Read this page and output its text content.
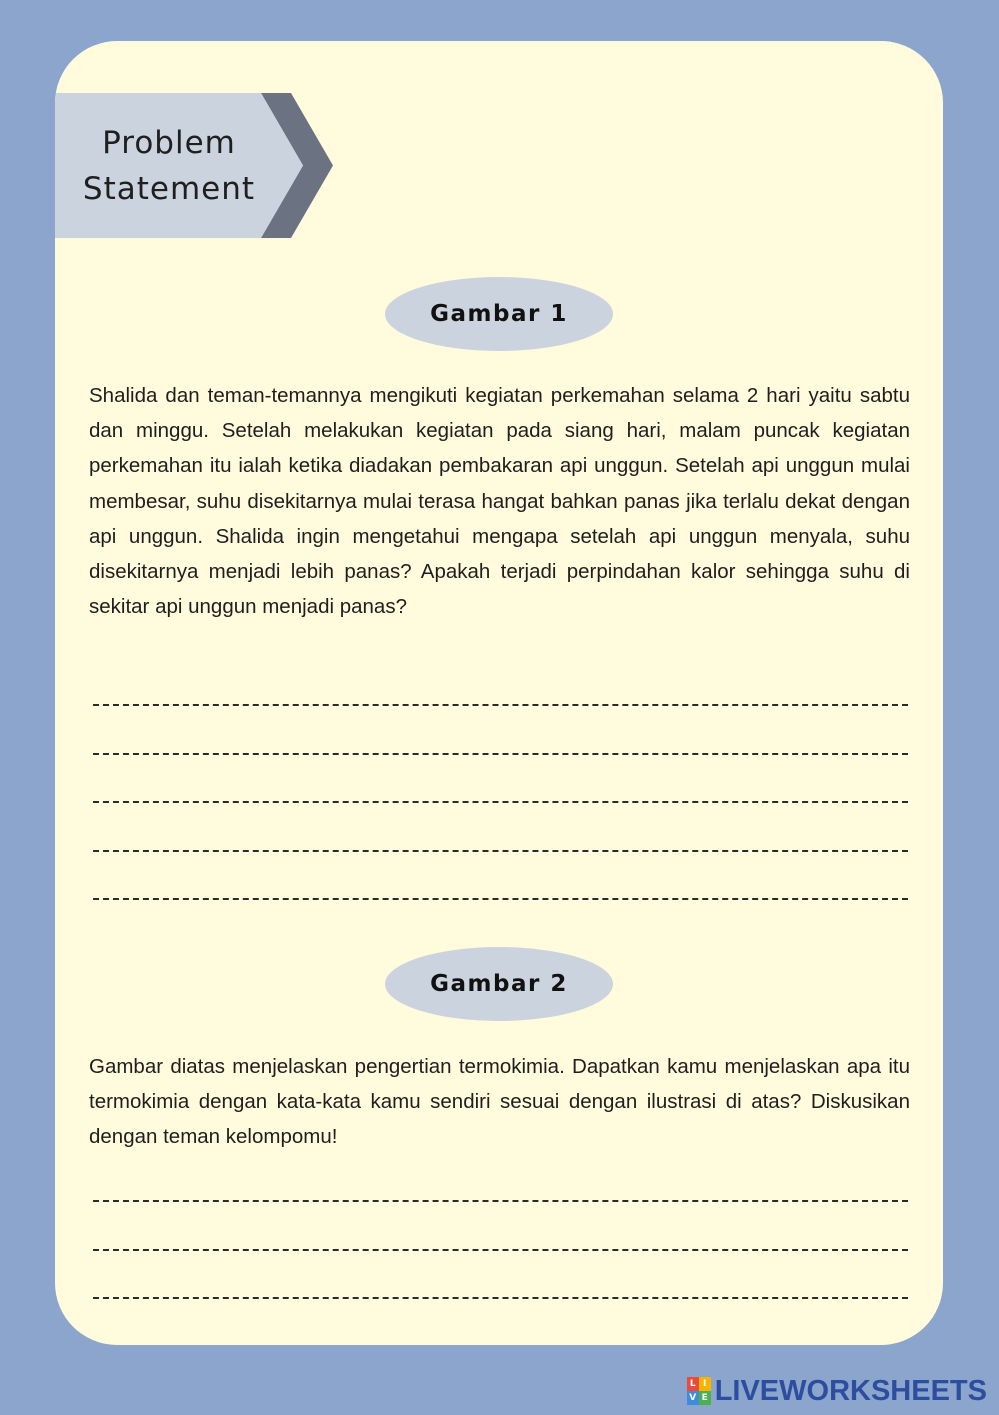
Problem
Statement
Gambar 1

Shalida dan teman-temannya mengikuti kegiatan perkemahan selama 2 hari yaitu sabtu dan minggu. Setelah melakukan kegiatan pada siang hari, malam puncak kegiatan perkemahan itu ialah ketika diadakan pembakaran api unggun. Setelah api unggun mulai membesar, suhu disekitarnya mulai terasa hangat bahkan panas jika terlalu dekat dengan api unggun. Shalida ingin mengetahui mengapa setelah api unggun menyala, suhu disekitarnya menjadi lebih panas? Apakah terjadi perpindahan kalor sehingga suhu di sekitar api unggun menjadi panas?

Gambar 2

Gambar diatas menjelaskan pengertian termokimia. Dapatkan kamu menjelaskan apa itu termokimia dengan kata-kata kamu sendiri sesuai dengan ilustrasi di atas? Diskusikan dengan teman kelompomu!

L I
V E LIVEWORKSHEETS
